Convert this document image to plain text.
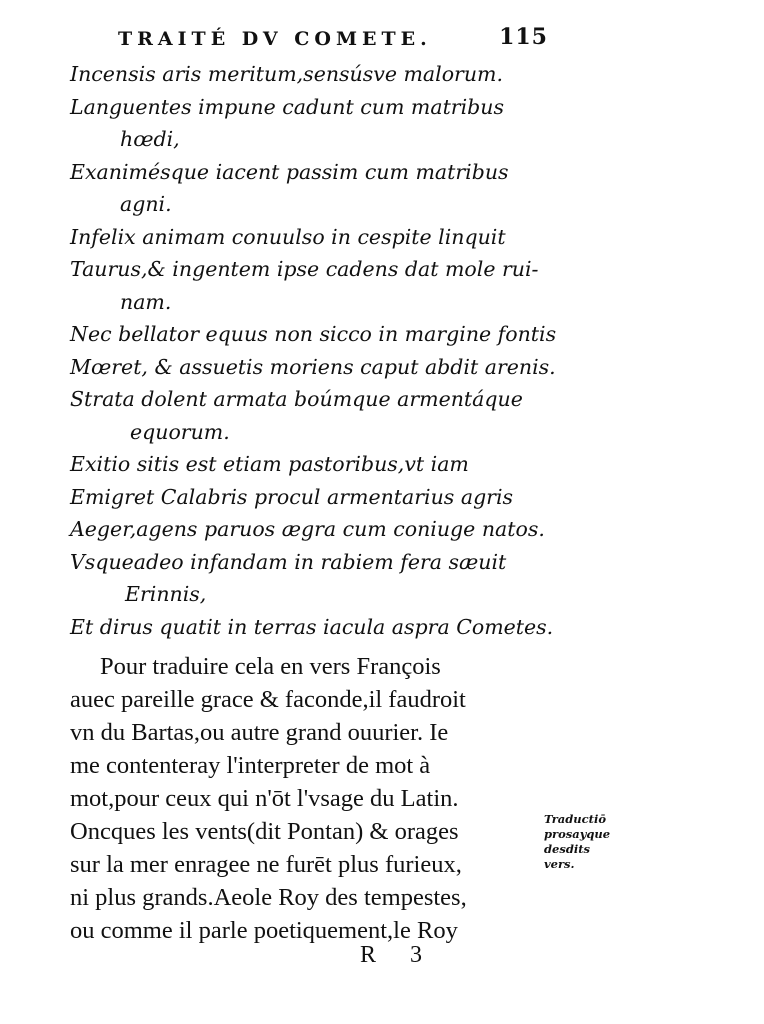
TRAITÉ DV COMETE.	115
Incensis aris meritum,sensúsve malorum.
Languentes impune cadunt cum matribus
hœdi,
Exanimésque iacent passim cum matribus
agni.
Infelix animam conuulso in cespite linquit
Taurus,& ingentem ipse cadens dat mole rui-
nam.
Nec bellator equus non sicco in margine fontis
Mœret, & assuetis moriens caput abdit arenis.
Strata dolent armata boúmque armentáque
equorum.
Exitio sitis est etiam pastoribus,vt iam
Emigret Calabris procul armentarius agris
Aeger,agens paruos ægra cum coniuge natos.
Vsqueadeo infandam in rabiem fera sæuit
Erinnis,
Et dirus quatit in terras iacula aspra Cometes.
Pour traduire cela en vers François
auec pareille grace & faconde,il faudroit
vn du Bartas,ou autre grand ouurier. Ie
me contenteray l'interpreter de mot à
mot,pour ceux qui n'ōt l'vsage du Latin.
Oncques les vents(dit Pontan) & orages
sur la mer enragee ne furēt plus furieux,
ni plus grands.Aeole Roy des tempestes,
ou comme il parle poetiquement,le Roy
Traductiō
prosayque
desdits
vers.
R 3
